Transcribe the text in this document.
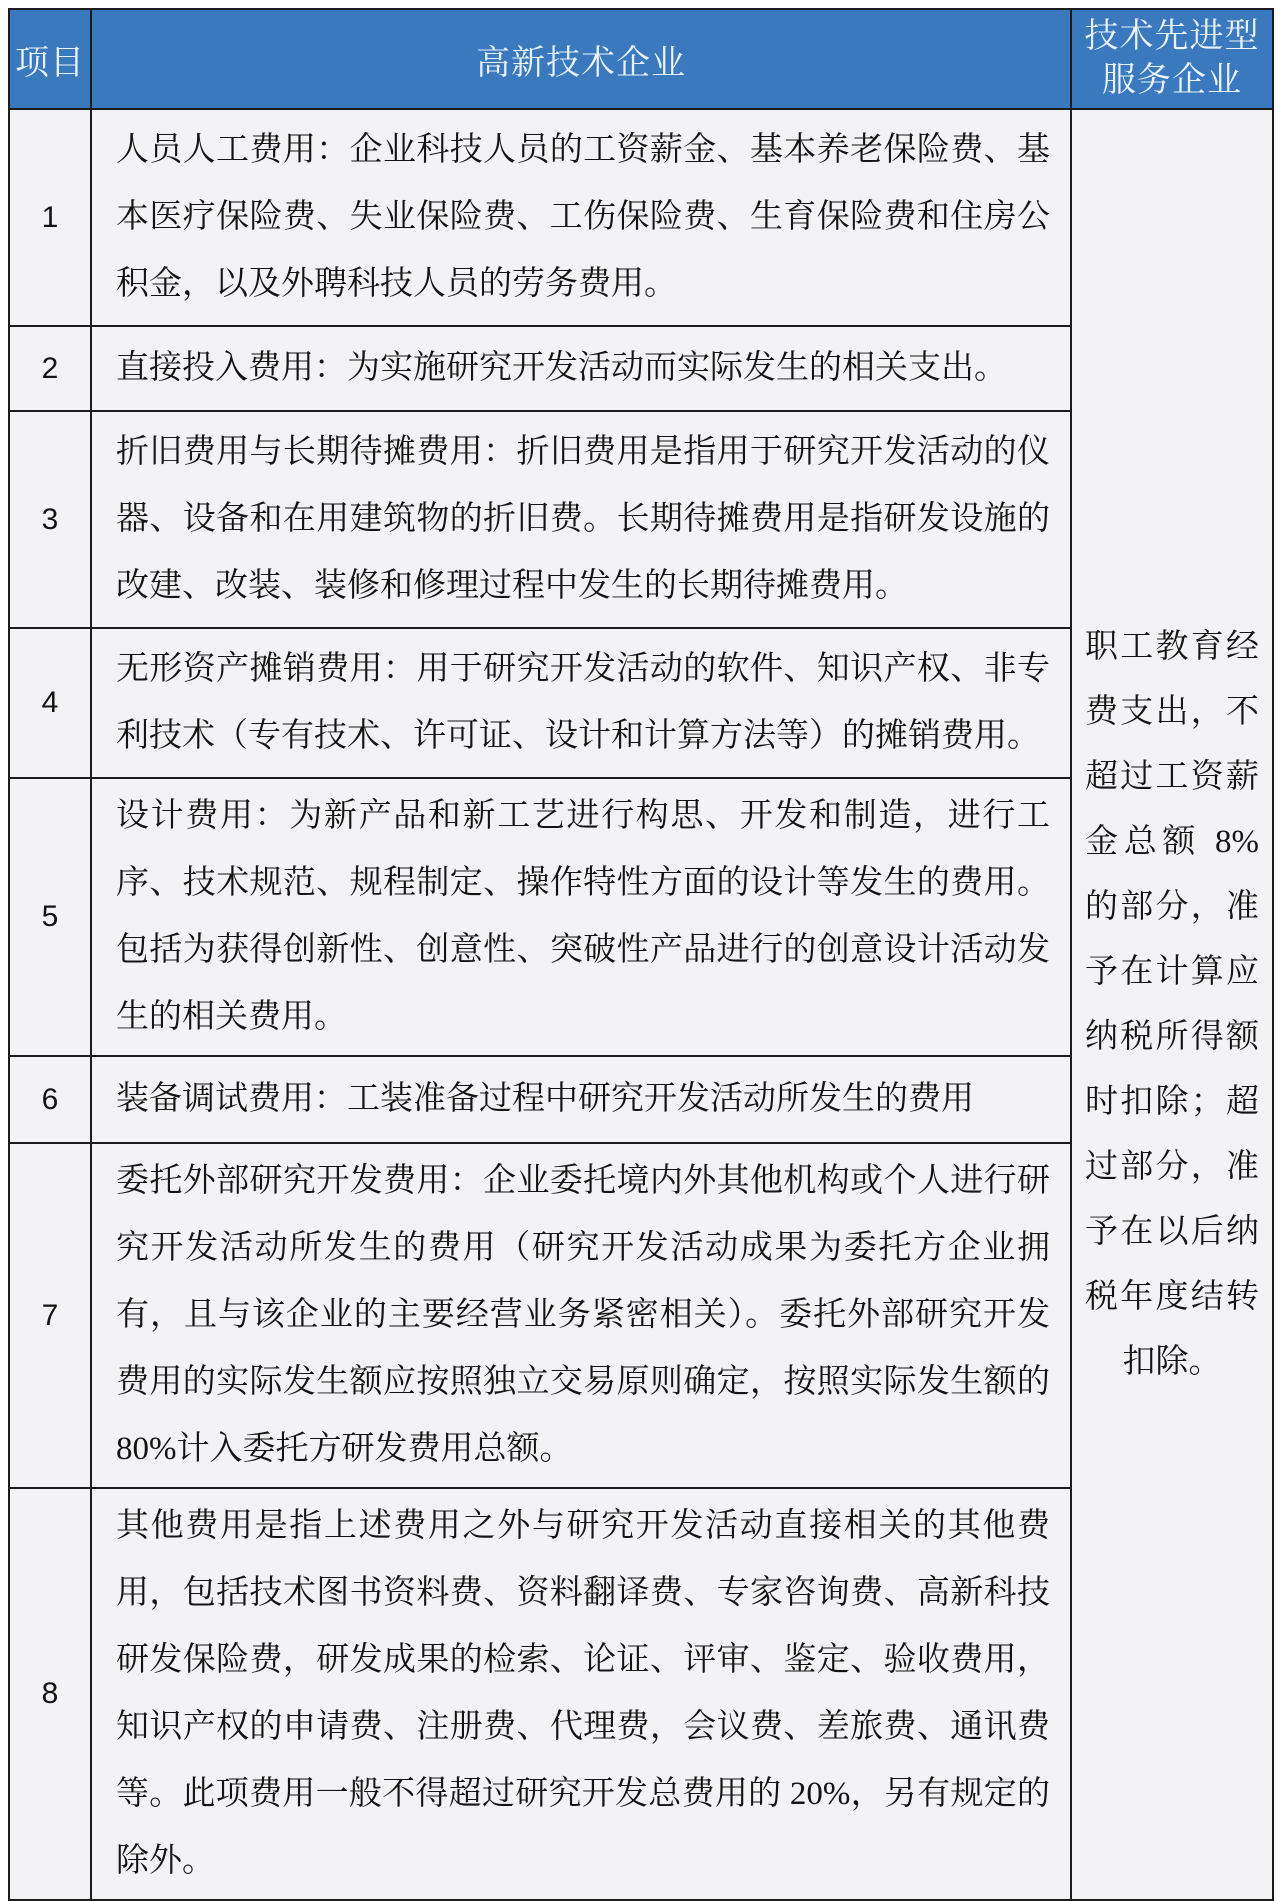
项目	高新技术企业	技术先进型
服务企业

1	人员人工费用：企业科技人员的工资薪金、基本养老保险费、基本医疗保险费、失业保险费、工伤保险费、生育保险费和住房公积金，以及外聘科技人员的劳务费用。	职工教育经费支出，不超过工资薪金总额 8%的部分，准予在计算应纳税所得额时扣除；超过部分，准予在以后纳税年度结转扣除。

2	直接投入费用：为实施研究开发活动而实际发生的相关支出。	
3	折旧费用与长期待摊费用：折旧费用是指用于研究开发活动的仪器、设备和在用建筑物的折旧费。长期待摊费用是指研发设施的改建、改装、装修和修理过程中发生的长期待摊费用。	
4	无形资产摊销费用：用于研究开发活动的软件、知识产权、非专利技术（专有技术、许可证、设计和计算方法等）的摊销费用。	
5	设计费用：为新产品和新工艺进行构思、开发和制造，进行工序、技术规范、规程制定、操作特性方面的设计等发生的费用。包括为获得创新性、创意性、突破性产品进行的创意设计活动发生的相关费用。	
6	装备调试费用：工装准备过程中研究开发活动所发生的费用	
7	委托外部研究开发费用：企业委托境内外其他机构或个人进行研究开发活动所发生的费用（研究开发活动成果为委托方企业拥有，且与该企业的主要经营业务紧密相关）。委托外部研究开发费用的实际发生额应按照独立交易原则确定，按照实际发生额的 80%计入委托方研发费用总额。	
8	其他费用是指上述费用之外与研究开发活动直接相关的其他费用，包括技术图书资料费、资料翻译费、专家咨询费、高新科技研发保险费，研发成果的检索、论证、评审、鉴定、验收费用，知识产权的申请费、注册费、代理费，会议费、差旅费、通讯费等。此项费用一般不得超过研究开发总费用的 20%，另有规定的除外。	
